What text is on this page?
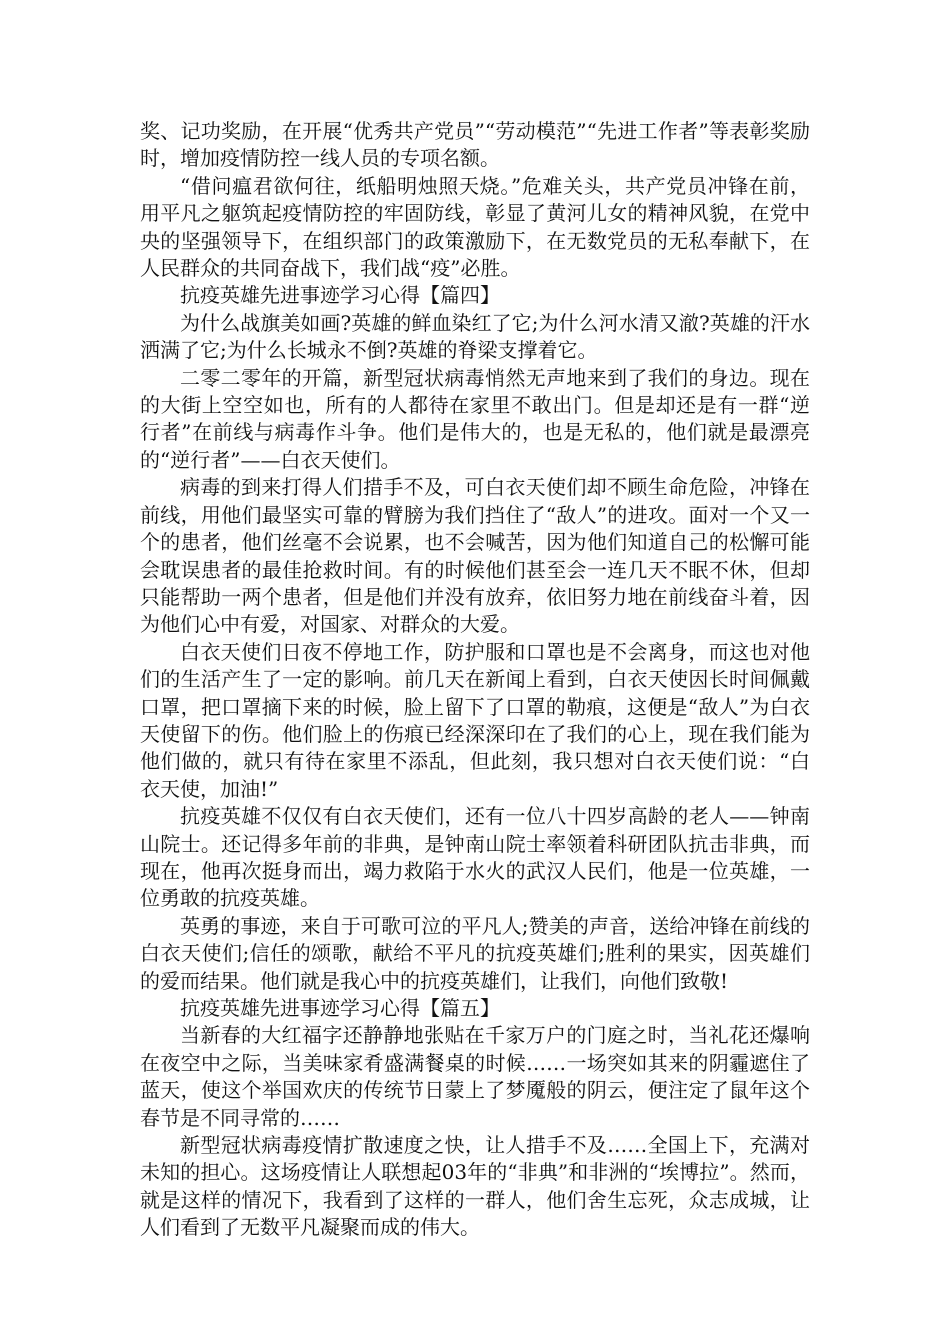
奖、记功奖励，在开展“优秀共产党员”“劳动模范”“先进工作者”等表彰奖励时，增加疫情防控一线人员的专项名额。

“借问瘟君欲何往，纸船明烛照天烧。”危难关头，共产党员冲锋在前，用平凡之躯筑起疫情防控的牢固防线，彰显了黄河儿女的精神风貌，在党中央的坚强领导下，在组织部门的政策激励下，在无数党员的无私奉献下，在人民群众的共同奋战下，我们战“疫”必胜。

抗疫英雄先进事迹学习心得【篇四】

为什么战旗美如画?英雄的鲜血染红了它;为什么河水清又澈?英雄的汗水洒满了它;为什么长城永不倒?英雄的脊梁支撑着它。

二零二零年的开篇，新型冠状病毒悄然无声地来到了我们的身边。现在的大街上空空如也，所有的人都待在家里不敢出门。但是却还是有一群“逆行者”在前线与病毒作斗争。他们是伟大的，也是无私的，他们就是最漂亮的“逆行者”——白衣天使们。

病毒的到来打得人们措手不及，可白衣天使们却不顾生命危险，冲锋在前线，用他们最坚实可靠的臂膀为我们挡住了“敌人”的进攻。面对一个又一个的患者，他们丝毫不会说累，也不会喊苦，因为他们知道自己的松懈可能会耽误患者的最佳抢救时间。有的时候他们甚至会一连几天不眠不休，但却只能帮助一两个患者，但是他们并没有放弃，依旧努力地在前线奋斗着，因为他们心中有爱，对国家、对群众的大爱。

白衣天使们日夜不停地工作，防护服和口罩也是不会离身，而这也对他们的生活产生了一定的影响。前几天在新闻上看到，白衣天使因长时间佩戴口罩，把口罩摘下来的时候，脸上留下了口罩的勒痕，这便是“敌人”为白衣天使留下的伤。他们脸上的伤痕已经深深印在了我们的心上，现在我们能为他们做的，就只有待在家里不添乱，但此刻，我只想对白衣天使们说：“白衣天使，加油!”

抗疫英雄不仅仅有白衣天使们，还有一位八十四岁高龄的老人——钟南山院士。还记得多年前的非典，是钟南山院士率领着科研团队抗击非典，而现在，他再次挺身而出，竭力救陷于水火的武汉人民们，他是一位英雄，一位勇敢的抗疫英雄。

英勇的事迹，来自于可歌可泣的平凡人;赞美的声音，送给冲锋在前线的白衣天使们;信任的颂歌，献给不平凡的抗疫英雄们;胜利的果实，因英雄们的爱而结果。他们就是我心中的抗疫英雄们，让我们，向他们致敬!

抗疫英雄先进事迹学习心得【篇五】

当新春的大红福字还静静地张贴在千家万户的门庭之时，当礼花还爆响在夜空中之际，当美味家肴盛满餐桌的时候……一场突如其来的阴霾遮住了蓝天，使这个举国欢庆的传统节日蒙上了梦魇般的阴云，便注定了鼠年这个春节是不同寻常的……

新型冠状病毒疫情扩散速度之快，让人措手不及……全国上下，充满对未知的担心。这场疫情让人联想起03年的“非典”和非洲的“埃博拉”。然而，就是这样的情况下，我看到了这样的一群人，他们舍生忘死，众志成城，让人们看到了无数平凡凝聚而成的伟大。
